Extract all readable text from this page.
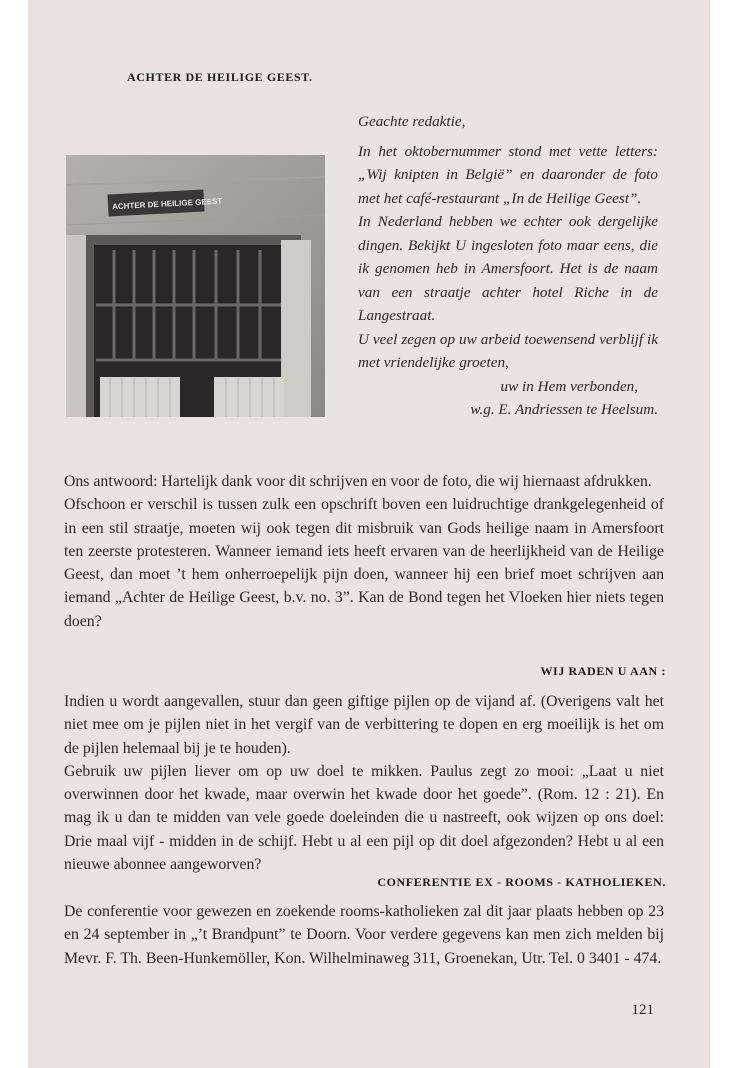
ACHTER DE HEILIGE GEEST.
ACHTER DE HEILIGE GEEST

Geachte redaktie,

In het oktobernummer stond met vette letters: „Wij knipten in België” en daaronder de foto met het café-restaurant „In de Heilige Geest”.

In Nederland hebben we echter ook dergelijke dingen. Bekijkt U ingesloten foto maar eens, die ik genomen heb in Amersfoort. Het is de naam van een straatje achter hotel Riche in de Langestraat.

U veel zegen op uw arbeid toewensend verblijf ik met vriendelijke groeten,

uw in Hem verbonden,

w.g. E. Andriessen te Heelsum.

Ons antwoord: Hartelijk dank voor dit schrijven en voor de foto, die wij hiernaast afdrukken.

Ofschoon er verschil is tussen zulk een opschrift boven een luidruchtige drankgelegenheid of in een stil straatje, moeten wij ook tegen dit misbruik van Gods heilige naam in Amersfoort ten zeerste protesteren. Wanneer iemand iets heeft ervaren van de heerlijkheid van de Heilige Geest, dan moet ’t hem onherroepelijk pijn doen, wanneer hij een brief moet schrijven aan iemand „Achter de Heilige Geest, b.v. no. 3”. Kan de Bond tegen het Vloeken hier niets tegen doen?

WIJ RADEN U AAN :

Indien u wordt aangevallen, stuur dan geen giftige pijlen op de vijand af. (Overigens valt het niet mee om je pijlen niet in het vergif van de verbittering te dopen en erg moeilijk is het om de pijlen helemaal bij je te houden).

Gebruik uw pijlen liever om op uw doel te mikken. Paulus zegt zo mooi: „Laat u niet overwinnen door het kwade, maar overwin het kwade door het goede”. (Rom. 12 : 21). En mag ik u dan te midden van vele goede doeleinden die u nastreeft, ook wijzen op ons doel: Drie maal vijf - midden in de schijf. Hebt u al een pijl op dit doel afgezonden? Hebt u al een nieuwe abonnee aangeworven?

CONFERENTIE EX - ROOMS - KATHOLIEKEN.

De conferentie voor gewezen en zoekende rooms-katholieken zal dit jaar plaats hebben op 23 en 24 september in „’t Brandpunt” te Doorn. Voor verdere gegevens kan men zich melden bij Mevr. F. Th. Been-Hunkemöller, Kon. Wilhelminaweg 311, Groenekan, Utr. Tel. 0 3401 - 474.

121
